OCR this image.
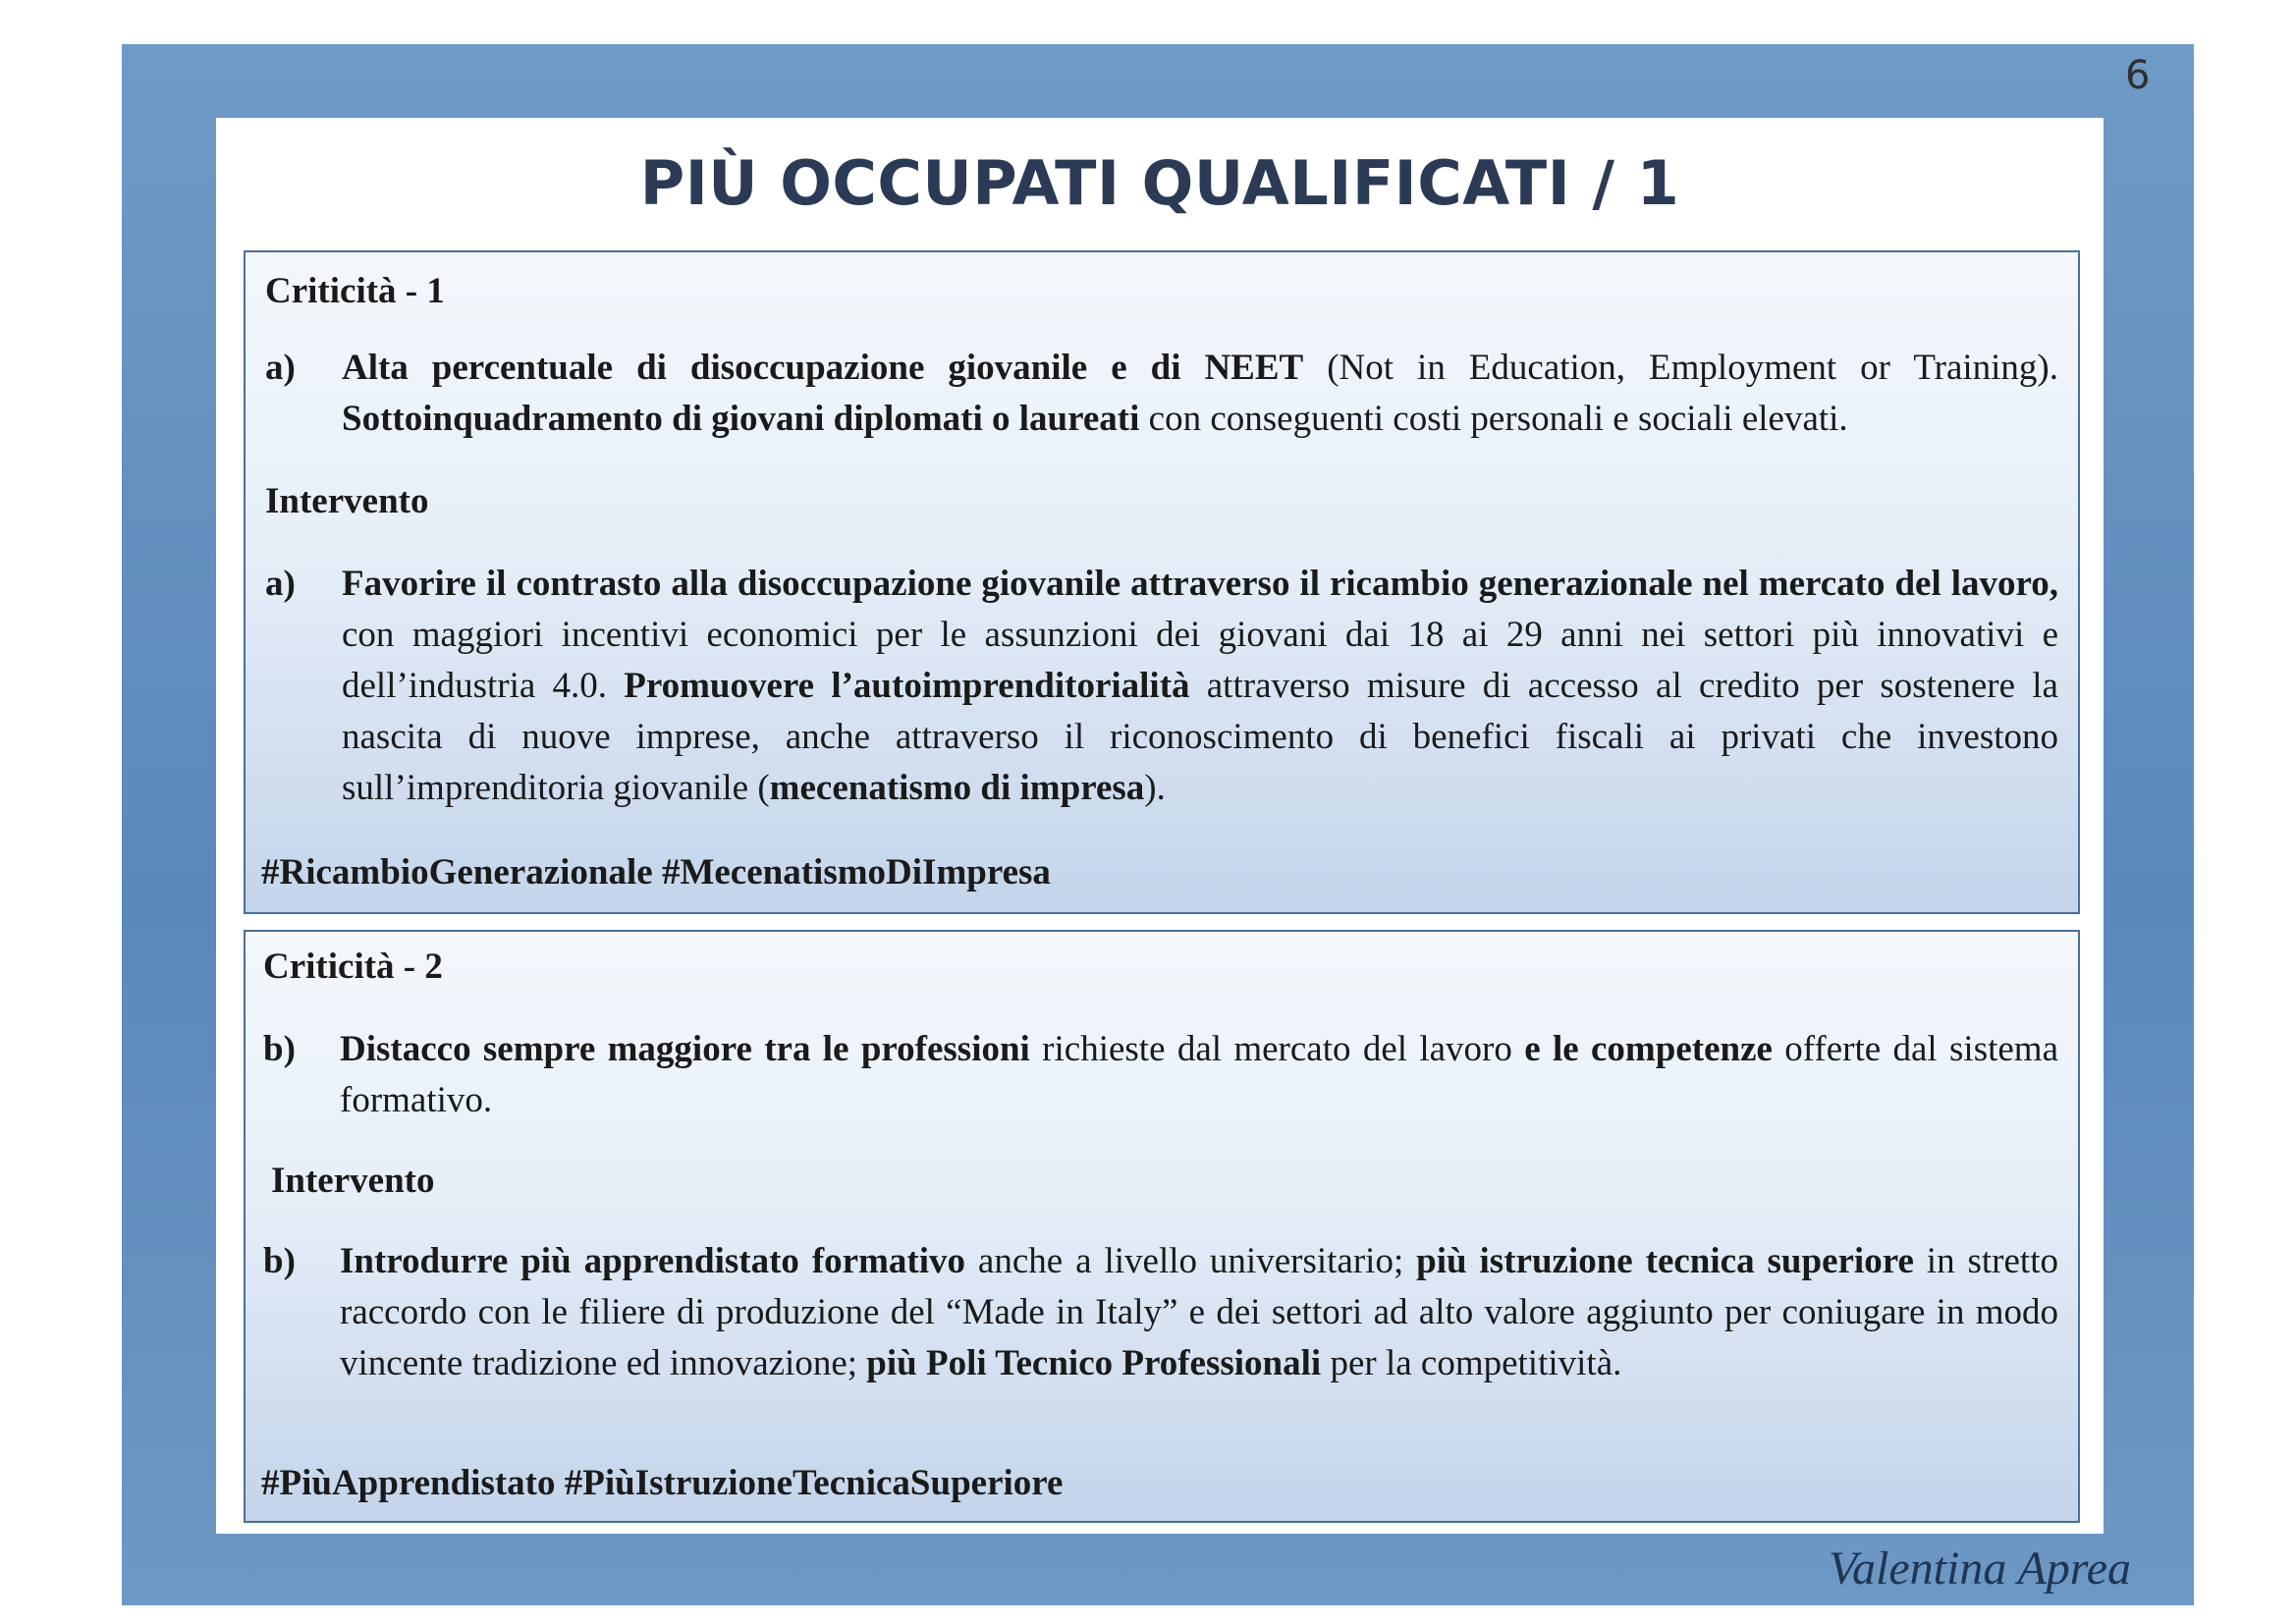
6
PIÙ OCCUPATI QUALIFICATI / 1

Criticità - 1

a) Alta percentuale di disoccupazione giovanile e di NEET (Not in Education, Employment or Training). Sottoinquadramento di giovani diplomati o laureati con conseguenti costi personali e sociali elevati.

Intervento

a) Favorire il contrasto alla disoccupazione giovanile attraverso il ricambio generazionale nel mercato del lavoro, con maggiori incentivi economici per le assunzioni dei giovani dai 18 ai 29 anni nei settori più innovativi e dell’industria 4.0. Promuovere l’autoimprenditorialità attraverso misure di accesso al credito per sostenere la nascita di nuove imprese, anche attraverso il riconoscimento di benefici fiscali ai privati che investono sull’imprenditoria giovanile (mecenatismo di impresa).

#RicambioGenerazionale #MecenatismoDiImpresa

Criticità - 2

b) Distacco sempre maggiore tra le professioni richieste dal mercato del lavoro e le competenze offerte dal sistema formativo.

Intervento

b) Introdurre più apprendistato formativo anche a livello universitario; più istruzione tecnica superiore in stretto raccordo con le filiere di produzione del “Made in Italy” e dei settori ad alto valore aggiunto per coniugare in modo vincente tradizione ed innovazione; più Poli Tecnico Professionali per la competitività.

#PiùApprendistato #PiùIstruzioneTecnicaSuperiore

Valentina Aprea
